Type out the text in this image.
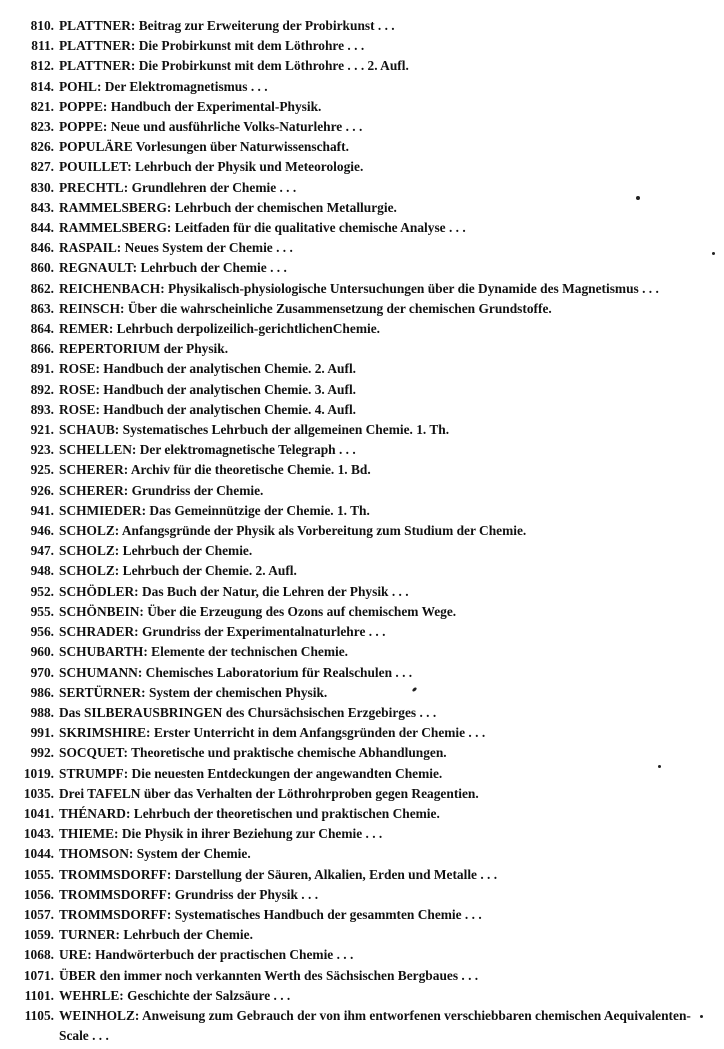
810. PLATTNER: Beitrag zur Erweiterung der Probirkunst . . .
811. PLATTNER: Die Probirkunst mit dem Löthrohre . . .
812. PLATTNER: Die Probirkunst mit dem Löthrohre . . . 2. Aufl.
814. POHL: Der Elektromagnetismus . . .
821. POPPE: Handbuch der Experimental-Physik.
823. POPPE: Neue und ausführliche Volks-Naturlehre . . .
826. POPULÄRE Vorlesungen über Naturwissenschaft.
827. POUILLET: Lehrbuch der Physik und Meteorologie.
830. PRECHTL: Grundlehren der Chemie . . .
843. RAMMELSBERG: Lehrbuch der chemischen Metallurgie.
844. RAMMELSBERG: Leitfaden für die qualitative chemische Analyse . . .
846. RASPAIL: Neues System der Chemie . . .
860. REGNAULT: Lehrbuch der Chemie . . .
862. REICHENBACH: Physikalisch-physiologische Untersuchungen über die Dynamide des Magnetismus . . .
863. REINSCH: Über die wahrscheinliche Zusammensetzung der chemischen Grundstoffe.
864. REMER: Lehrbuch derpolizeilich-gerichtlichenChemie.
866. REPERTORIUM der Physik.
891. ROSE: Handbuch der analytischen Chemie. 2. Aufl.
892. ROSE: Handbuch der analytischen Chemie. 3. Aufl.
893. ROSE: Handbuch der analytischen Chemie. 4. Aufl.
921. SCHAUB: Systematisches Lehrbuch der allgemeinen Chemie. 1. Th.
923. SCHELLEN: Der elektromagnetische Telegraph . . .
925. SCHERER: Archiv für die theoretische Chemie. 1. Bd.
926. SCHERER: Grundriss der Chemie.
941. SCHMIEDER: Das Gemeinnützige der Chemie. 1. Th.
946. SCHOLZ: Anfangsgründe der Physik als Vorbereitung zum Studium der Chemie.
947. SCHOLZ: Lehrbuch der Chemie.
948. SCHOLZ: Lehrbuch der Chemie. 2. Aufl.
952. SCHÖDLER: Das Buch der Natur, die Lehren der Physik . . .
955. SCHÖNBEIN: Über die Erzeugung des Ozons auf chemischem Wege.
956. SCHRADER: Grundriss der Experimentalnaturlehre . . .
960. SCHUBARTH: Elemente der technischen Chemie.
970. SCHUMANN: Chemisches Laboratorium für Realschulen . . .
986. SERTÜRNER: System der chemischen Physik.
988. Das SILBERAUSBRINGEN des Chursächsischen Erzgebirges . . .
991. SKRIMSHIRE: Erster Unterricht in dem Anfangsgründen der Chemie . . .
992. SOCQUET: Theoretische und praktische chemische Abhandlungen.
1019. STRUMPF: Die neuesten Entdeckungen der angewandten Chemie.
1035. Drei TAFELN über das Verhalten der Löthrohrproben gegen Reagentien.
1041. THÉNARD: Lehrbuch der theoretischen und praktischen Chemie.
1043. THIEME: Die Physik in ihrer Beziehung zur Chemie . . .
1044. THOMSON: System der Chemie.
1055. TROMMSDORFF: Darstellung der Säuren, Alkalien, Erden und Metalle . . .
1056. TROMMSDORFF: Grundriss der Physik . . .
1057. TROMMSDORFF: Systematisches Handbuch der gesammten Chemie . . .
1059. TURNER: Lehrbuch der Chemie.
1068. URE: Handwörterbuch der practischen Chemie . . .
1071. ÜBER den immer noch verkannten Werth des Sächsischen Bergbaues . . .
1101. WEHRLE: Geschichte der Salzsäure . . .
1105. WEINHOLZ: Anweisung zum Gebrauch der von ihm entworfenen verschiebbaren chemischen Aequivalenten-Scale . . .
